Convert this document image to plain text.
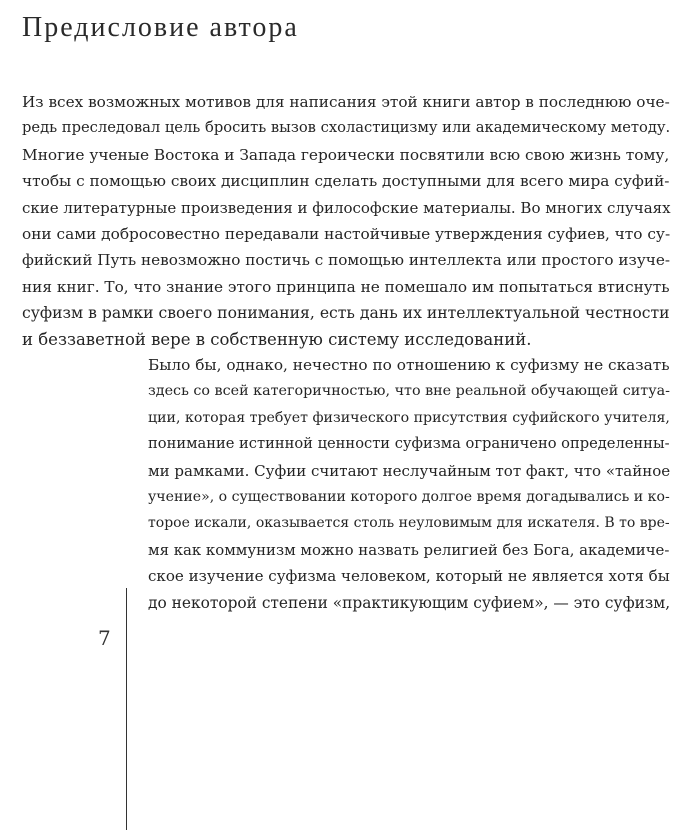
Предисловие автора

Из всех возможных мотивов для написания этой книги автор в последнюю оче-

редь преследовал цель бросить вызов схоластицизму или академическому методу.

Многие ученые Востока и Запада героически посвятили всю свою жизнь тому,

чтобы с помощью своих дисциплин сделать доступными для всего мира суфий-

ские литературные произведения и философские материалы. Во многих случаях

они сами добросовестно передавали настойчивые утверждения суфиев, что су-

фийский Путь невозможно постичь с помощью интеллекта или простого изуче-

ния книг. То, что знание этого принципа не помешало им попытаться втиснуть

суфизм в рамки своего понимания, есть дань их интеллектуальной честности

и беззаветной вере в собственную систему исследований.

Было бы, однако, нечестно по отношению к суфизму не сказать

здесь со всей категоричностью, что вне реальной обучающей ситуа-

ции, которая требует физического присутствия суфийского учителя,

понимание истинной ценности суфизма ограничено определенны-

ми рамками. Суфии считают неслучайным тот факт, что «тайное

учение», о существовании которого долгое время догадывались и ко-

торое искали, оказывается столь неуловимым для искателя. В то вре-

мя как коммунизм можно назвать религией без Бога, академиче-

ское изучение суфизма человеком, который не является хотя бы

до некоторой степени «практикующим суфием», — это суфизм,

7
